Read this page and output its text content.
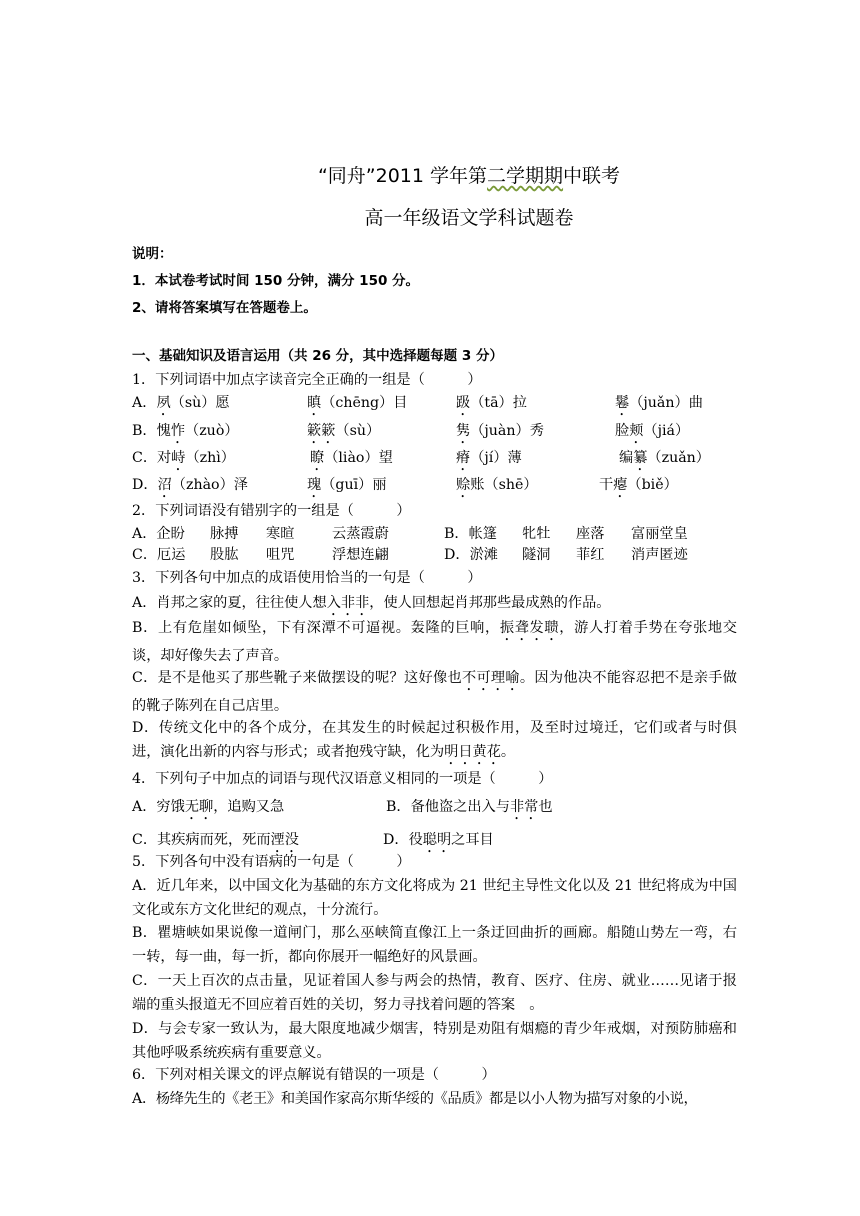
“同舟”2011 学年第二学期期中联考
高一年级语文学科试题卷
说明：
1．本试卷考试时间 150 分钟，满分 150 分。
2、请将答案填写在答题卷上。
一、基础知识及语言运用（共 26 分，其中选择题每题 3 分）
1．下列词语中加点字读音完全正确的一组是（　　　）
A．夙（sù）愿	瞋（chēng）目	趿（tā）拉	鬈（juǎn）曲
B．愧怍（zuò）	簌簌（sù）	隽（juàn）秀	脸颊（jiá）
C．对峙（zhì）	瞭（liào）望	瘠（jí）薄	编纂（zuǎn）
D．沼（zhào）泽	瑰（guī）丽	赊账（shē）	干瘪（biě）
2．下列词语没有错别字的一组是（　　　）
A．企盼 脉搏 寒暄	云蒸霞蔚	B．帐篷 牝牡 座落 富丽堂皇
C．厄运 股肱 咀咒	浮想连翩	D．淤滩 隧洞 菲红 消声匿迹
3．下列各句中加点的成语使用恰当的一句是（　　　）
A．肖邦之家的夏，往往使人想入非非，使人回想起肖邦那些最成熟的作品。
B．上有危崖如倾坠，下有深潭不可逼视。轰隆的巨响，振聋发聩，游人打着手势在夸张地交谈，却好像失去了声音。
C．是不是他买了那些靴子来做摆设的呢？这好像也不可理喻。因为他决不能容忍把不是亲手做的靴子陈列在自己店里。
D．传统文化中的各个成分，在其发生的时候起过积极作用，及至时过境迁，它们或者与时俱进，演化出新的内容与形式；或者抱残守缺，化为明日黄花。
4．下列句子中加点的词语与现代汉语意义相同的一项是（　　　）
A．穷饿无聊，追购又急	B．备他盗之出入与非常也
C．其疾病而死，死而湮没	D．役聪明之耳目
5．下列各句中没有语病的一句是（　　　）
A．近几年来，以中国文化为基础的东方文化将成为 21 世纪主导性文化以及 21 世纪将成为中国文化或东方文化世纪的观点，十分流行。
B．瞿塘峡如果说像一道闸门，那么巫峡简直像江上一条迂回曲折的画廊。船随山势左一弯，右一转，每一曲，每一折，都向你展开一幅绝好的风景画。
C．一天上百次的点击量，见证着国人参与两会的热情，教育、医疗、住房、就业……见诸于报端的重头报道无不回应着百姓的关切，努力寻找着问题的答案　。
D．与会专家一致认为，最大限度地减少烟害，特别是劝阻有烟瘾的青少年戒烟，对预防肺癌和其他呼吸系统疾病有重要意义。
6．下列对相关课文的评点解说有错误的一项是（　　　）
A．杨绛先生的《老王》和美国作家高尔斯华绥的《品质》都是以小人物为描写对象的小说，
